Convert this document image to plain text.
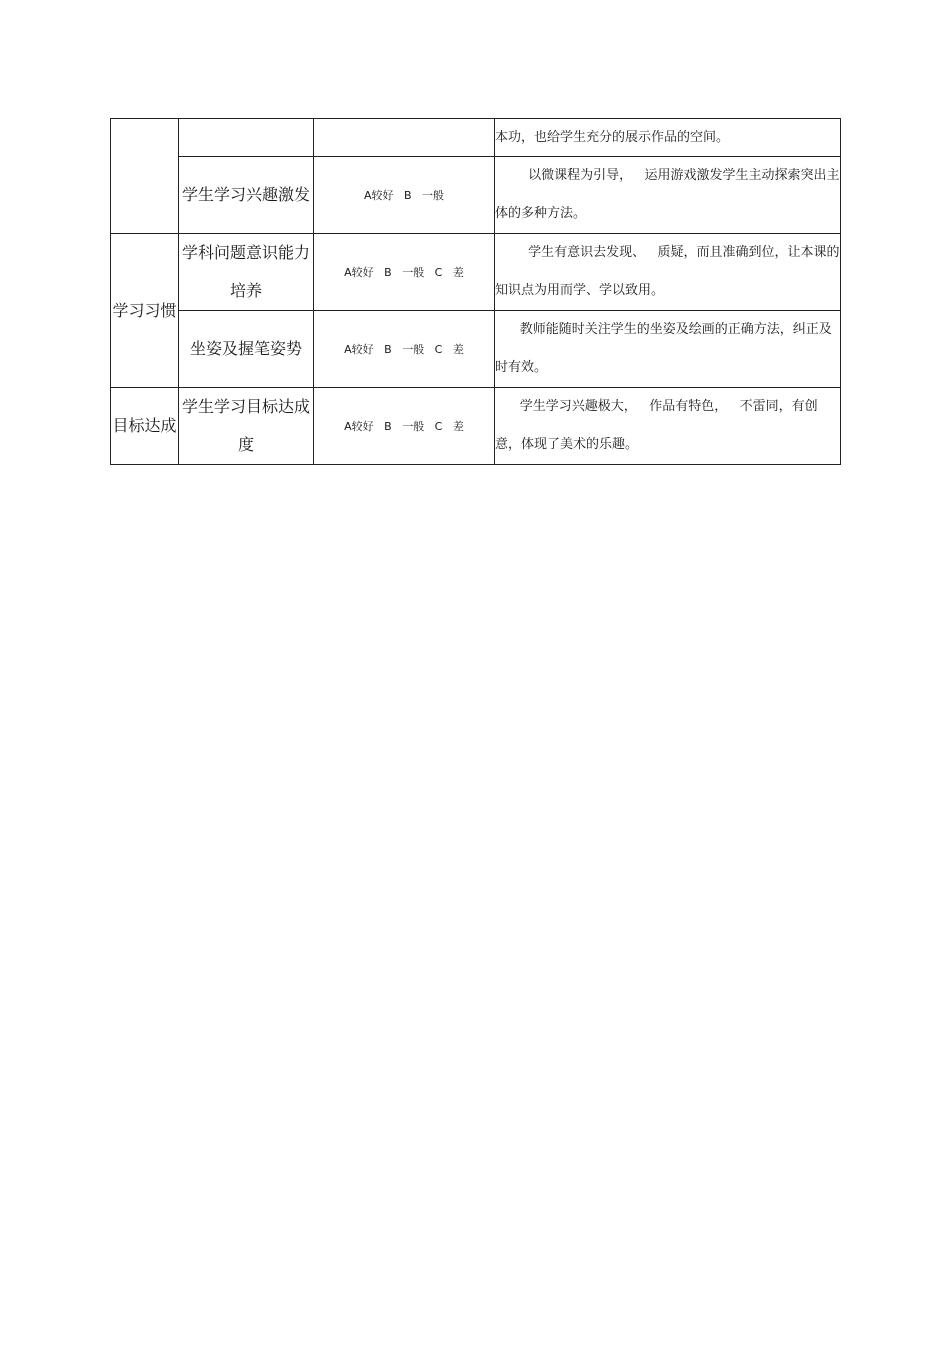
			本功，也给学生充分的展示作品的空间。
	学生学习兴趣激发	A较好   B   一般	以微课程为引导，   运用游戏激发学生主动探索突出主体的多种方法。
学习习惯	学科问题意识能力培养	A较好   B   一般   C   差	学生有意识去发现、   质疑，而且准确到位，让本课的知识点为用而学、学以致用。
	坐姿及握笔姿势	A较好   B   一般   C   差	教师能随时关注学生的坐姿及绘画的正确方法，纠正及时有效。
目标达成	学生学习目标达成度	A较好   B   一般   C   差	学生学习兴趣极大，   作品有特色，   不雷同，有创意，体现了美术的乐趣。
